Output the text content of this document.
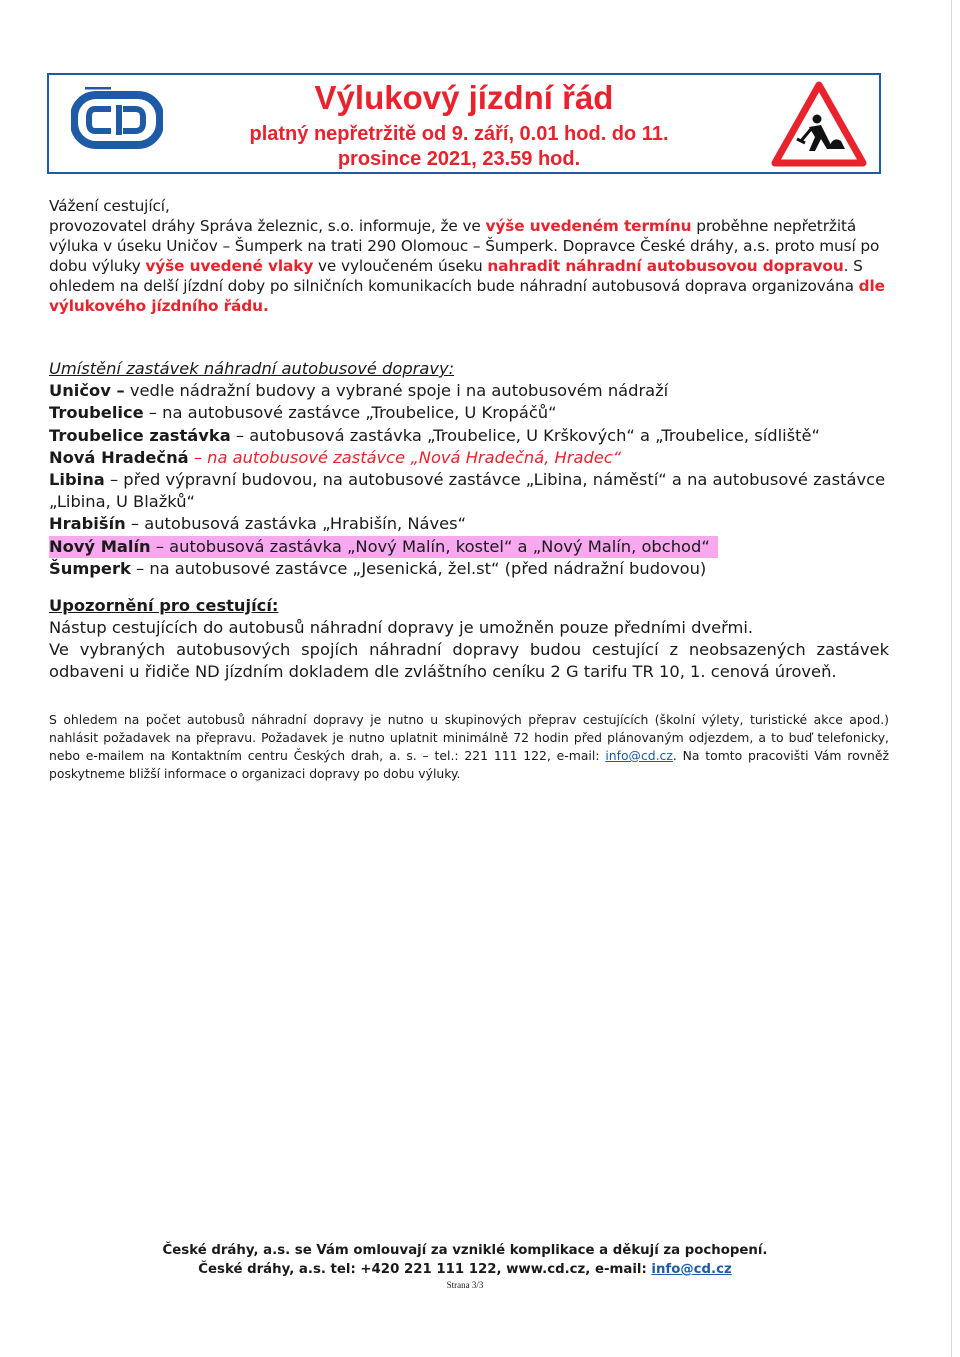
Výlukový jízdní řád
platný nepřetržitě od 9. září, 0.01 hod. do 11. prosince 2021, 23.59 hod.

Vážení cestující,

provozovatel dráhy Správa železnic, s.o. informuje, že ve výše uvedeném termínu proběhne nepřetržitá výluka v úseku Uničov – Šumperk na trati 290 Olomouc – Šumperk. Dopravce České dráhy, a.s. proto musí po dobu výluky výše uvedené vlaky ve vyloučeném úseku nahradit náhradní autobusovou dopravou. S ohledem na delší jízdní doby po silničních komunikacích bude náhradní autobusová doprava organizována dle výlukového jízdního řádu.

Umístění zastávek náhradní autobusové dopravy:

Uničov – vedle nádražní budovy a vybrané spoje i na autobusovém nádraží

Troubelice – na autobusové zastávce „Troubelice, U Kropáčů“

Troubelice zastávka – autobusová zastávka „Troubelice, U Krškových“ a „Troubelice, sídliště“

Nová Hradečná – na autobusové zastávce „Nová Hradečná, Hradec“

Libina – před výpravní budovou, na autobusové zastávce „Libina, náměstí“ a na autobusové zastávce „Libina, U Blažků“

Hrabišín – autobusová zastávka „Hrabišín, Náves“

Nový Malín – autobusová zastávka „Nový Malín, kostel“ a „Nový Malín, obchod“

Šumperk – na autobusové zastávce „Jesenická, žel.st“ (před nádražní budovou)

Upozornění pro cestující:

Nástup cestujících do autobusů náhradní dopravy je umožněn pouze předními dveřmi.

Ve vybraných autobusových spojích náhradní dopravy budou cestující z neobsazených zastávek odbaveni u řidiče ND jízdním dokladem dle zvláštního ceníku 2 G tarifu TR 10, 1. cenová úroveň.

S ohledem na počet autobusů náhradní dopravy je nutno u skupinových přeprav cestujících (školní výlety, turistické akce apod.) nahlásit požadavek na přepravu. Požadavek je nutno uplatnit minimálně 72 hodin před plánovaným odjezdem, a to buď telefonicky, nebo e-mailem na Kontaktním centru Českých drah, a. s. – tel.: 221 111 122, e-mail: info@cd.cz. Na tomto pracovišti Vám rovněž poskytneme bližší informace o organizaci dopravy po dobu výluky.

České dráhy, a.s. se Vám omlouvají za vzniklé komplikace a děkují za pochopení.

České dráhy, a.s. tel: +420 221 111 122, www.cd.cz, e-mail: info@cd.cz

Strana 3/3
